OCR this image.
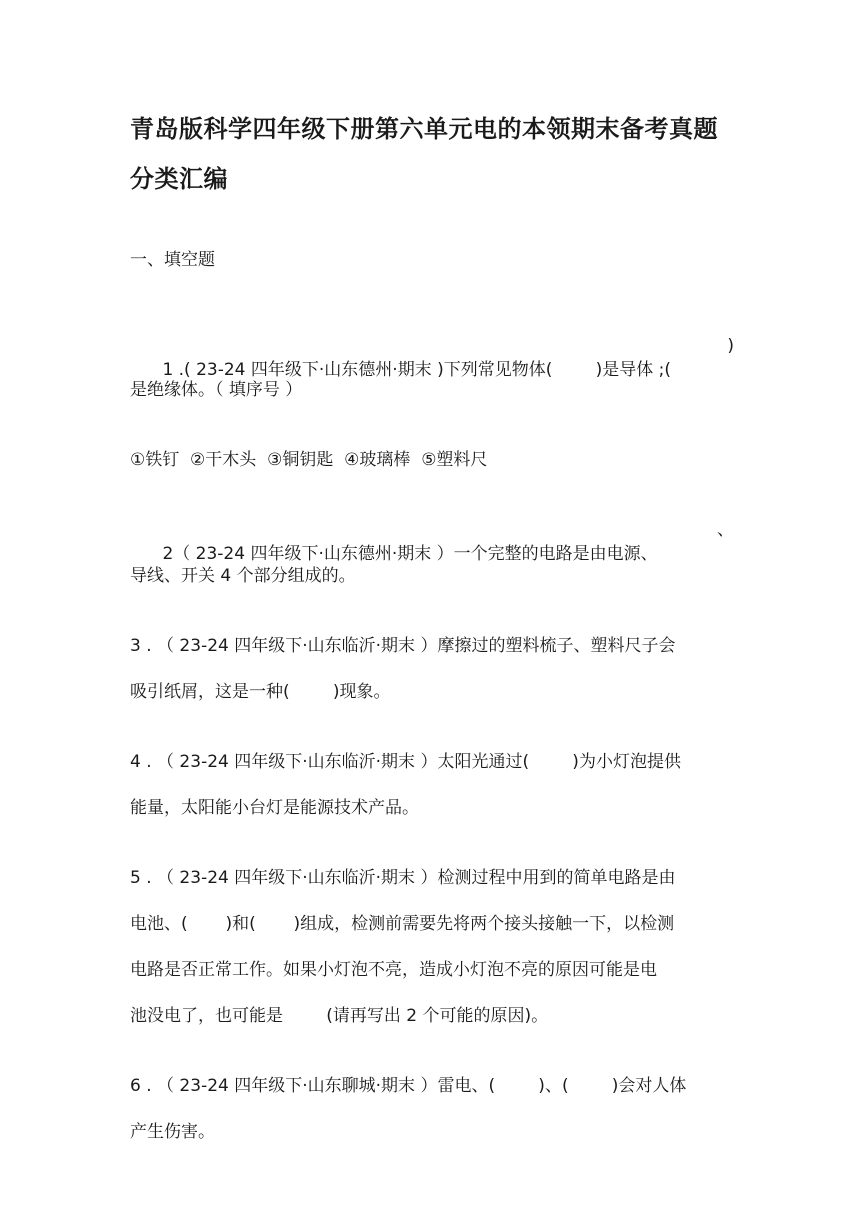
青岛版科学四年级下册第六单元电的本领期末备考真题
分类汇编
一、填空题

1 .( 23-24 四年级下·山东德州·期末 )下列常见物体(        )是导体 ;(

)

是绝缘体。（ 填序号 ）
①铁钉  ②干木头  ③铜钥匙  ④玻璃棒  ⑤塑料尺

2（ 23-24 四年级下·山东德州·期末 ）一个完整的电路是由电源、

、

导线、开关 4 个部分组成的。
3 . （ 23-24 四年级下·山东临沂·期末 ）摩擦过的塑料梳子、塑料尺子会
吸引纸屑，这是一种(        )现象。
4 . （ 23-24 四年级下·山东临沂·期末 ）太阳光通过(        )为小灯泡提供
能量，太阳能小台灯是能源技术产品。
5 . （ 23-24 四年级下·山东临沂·期末 ）检测过程中用到的简单电路是由
电池、(       )和(       )组成，检测前需要先将两个接头接触一下，以检测
电路是否正常工作。如果小灯泡不亮，造成小灯泡不亮的原因可能是电
池没电了，也可能是        (请再写出 2 个可能的原因)。
6 . （ 23-24 四年级下·山东聊城·期末 ）雷电、(        )、(        )会对人体
产生伤害。
